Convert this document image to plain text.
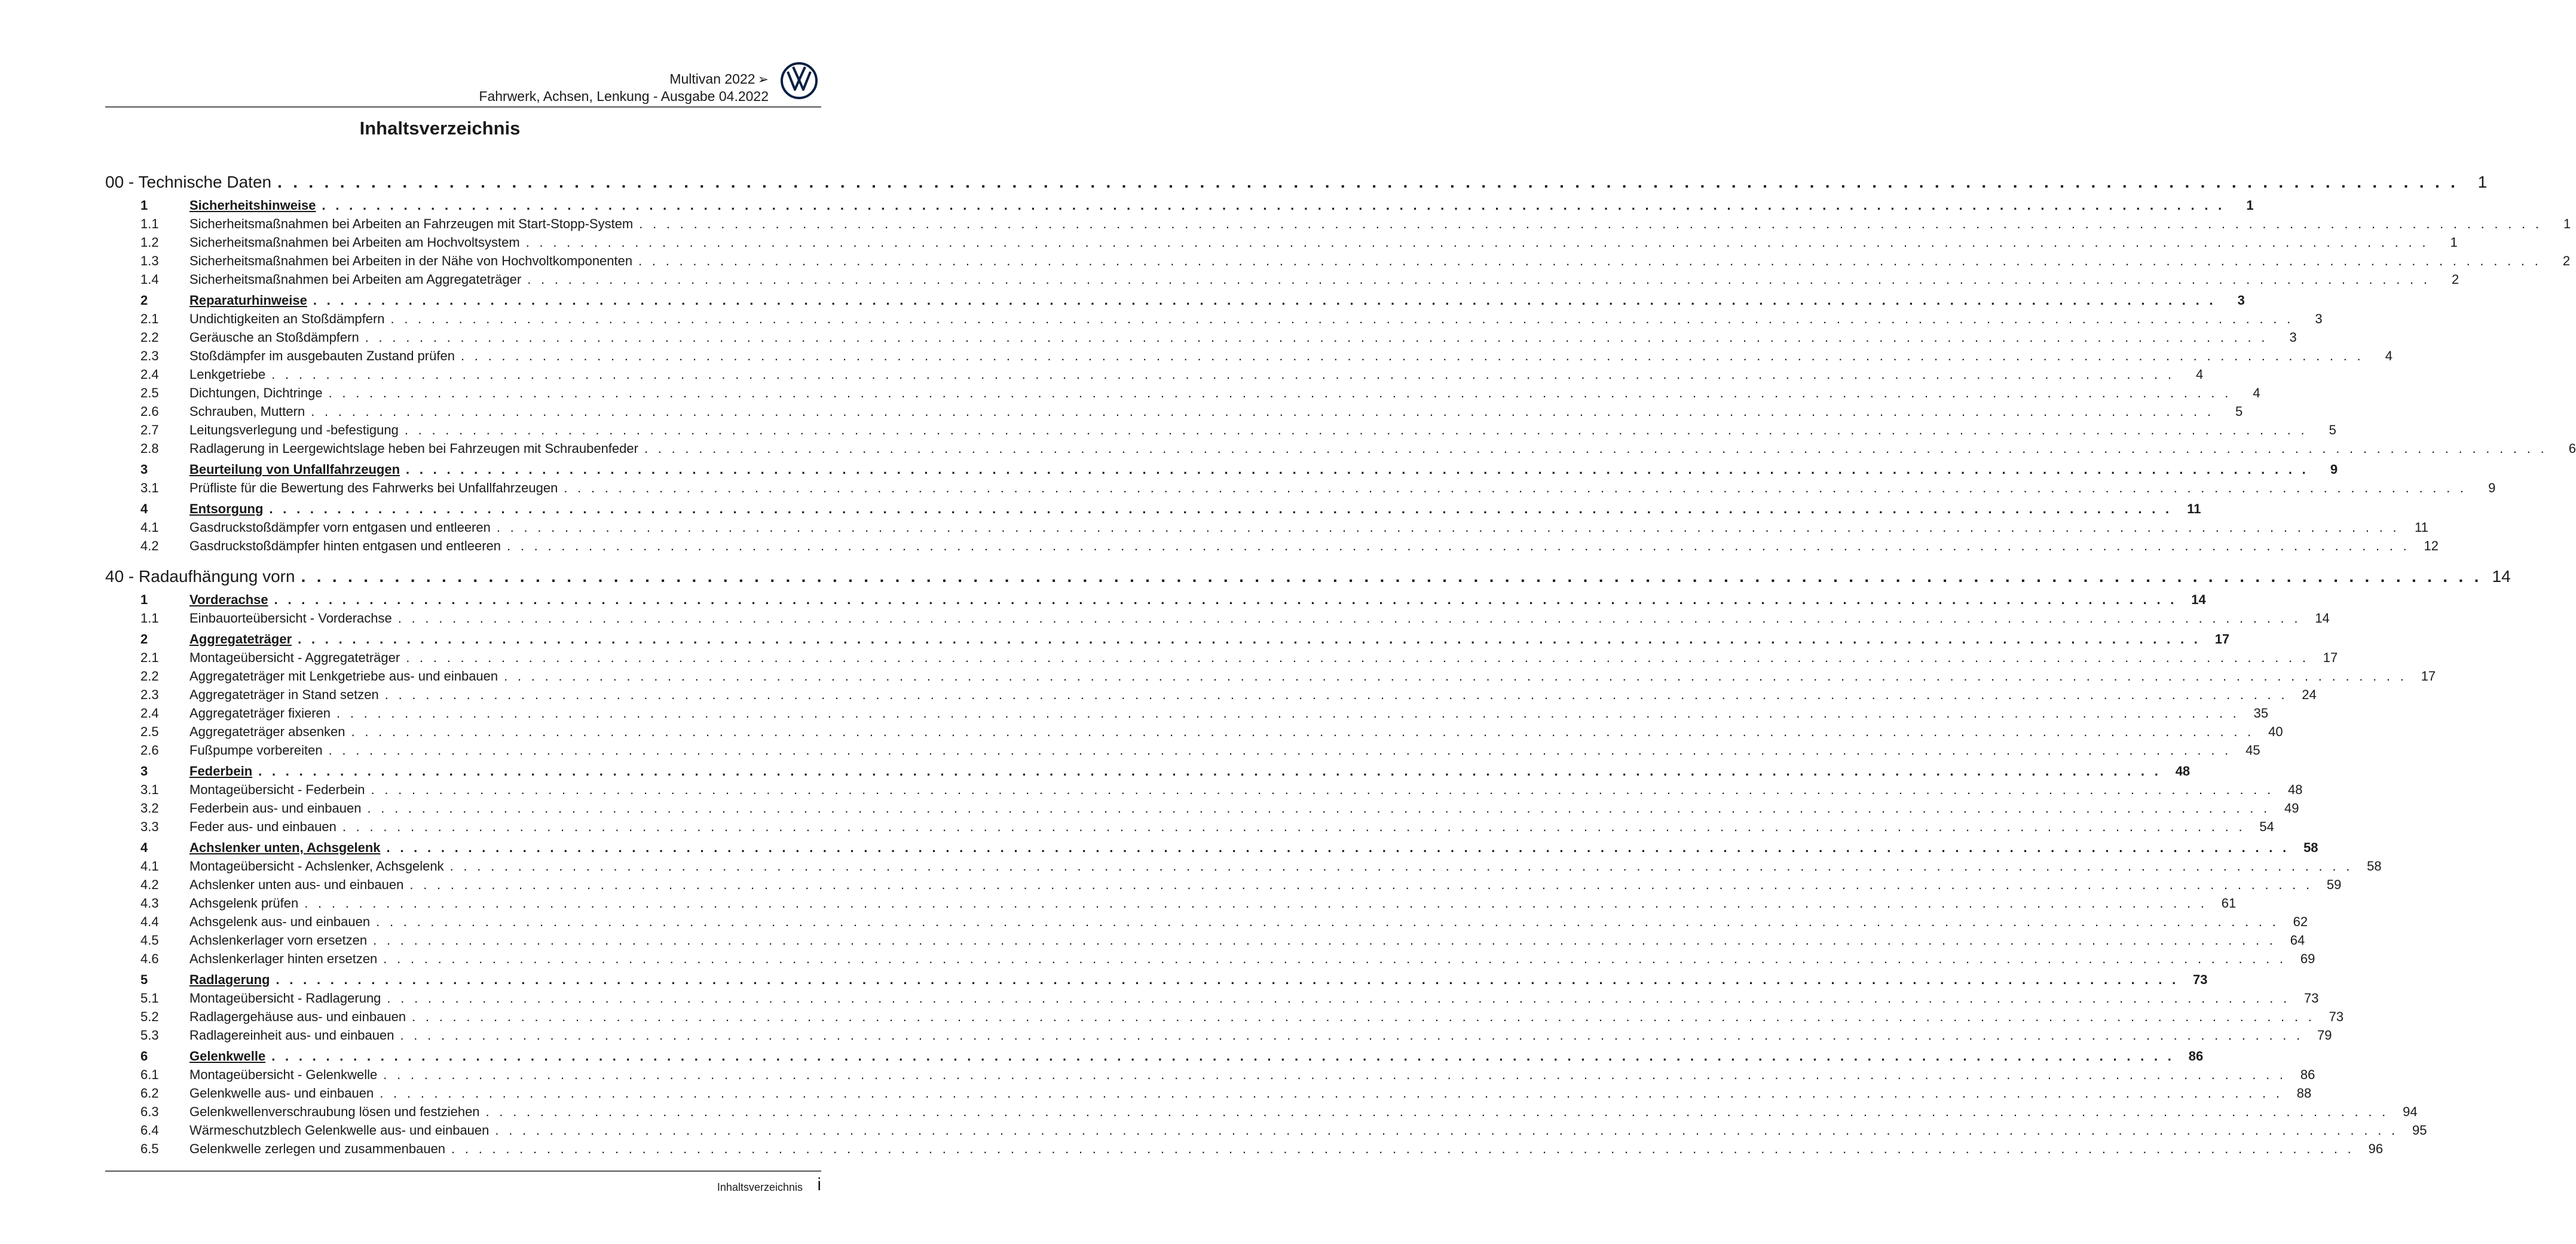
Multivan 2022 ➢
Fahrwerk, Achsen, Lenkung - Ausgabe 04.2022
Inhaltsverzeichnis
00 - Technische Daten . . . . . . . . . . . . . . . . . . . . . . . . . . . . . . . . . . . . . . . . . . . . . . . . . . . . . . . . . . . . . . . . . . . . . . . . . . . . . . . . . . . . . . . . . . . . . . . . . . . . . . . . . . . . . . . . . . . . . . . . . . . . . . . . . . . . . . . . . . . .	1
1	Sicherheitshinweise . . . . . . . . . . . . . . . . . . . . . . . . . . . . . . . . . . . . . . . . . . . . . . . . . . . . . . . . . . . . . . . . . . . . . . . . . . . . . . . . . . . . . . . . . . . . . . . . . . . . . . . . . . . . . . . . . . . . . . . . . . . . . . . . . . . . . . . . . . . .	1
1.1	Sicherheitsmaßnahmen bei Arbeiten an Fahrzeugen mit Start-Stopp-System . . . . . . . . . . . . . . . . . . . . . . . . . . . . . . . . . . . . . . . . . . . . . . . . . . . . . . . . . . . . . . . . . . . . . . . . . . . . . . . . . . . . . . . . . . . . . . . . . . . . . . . . . . . . . . . . . . . . . . . . . . . . . . . . . . . . . . . . . . . .	1
1.2	Sicherheitsmaßnahmen bei Arbeiten am Hochvoltsystem . . . . . . . . . . . . . . . . . . . . . . . . . . . . . . . . . . . . . . . . . . . . . . . . . . . . . . . . . . . . . . . . . . . . . . . . . . . . . . . . . . . . . . . . . . . . . . . . . . . . . . . . . . . . . . . . . . . . . . . . . . . . . . . . . . . . . . . . . . . .	1
1.3	Sicherheitsmaßnahmen bei Arbeiten in der Nähe von Hochvoltkomponenten . . . . . . . . . . . . . . . . . . . . . . . . . . . . . . . . . . . . . . . . . . . . . . . . . . . . . . . . . . . . . . . . . . . . . . . . . . . . . . . . . . . . . . . . . . . . . . . . . . . . . . . . . . . . . . . . . . . . . . . . . . . . . . . . . . . . . . . . . . . .	2
1.4	Sicherheitsmaßnahmen bei Arbeiten am Aggregateträger . . . . . . . . . . . . . . . . . . . . . . . . . . . . . . . . . . . . . . . . . . . . . . . . . . . . . . . . . . . . . . . . . . . . . . . . . . . . . . . . . . . . . . . . . . . . . . . . . . . . . . . . . . . . . . . . . . . . . . . . . . . . . . . . . . . . . . . . . . . .	2
2	Reparaturhinweise . . . . . . . . . . . . . . . . . . . . . . . . . . . . . . . . . . . . . . . . . . . . . . . . . . . . . . . . . . . . . . . . . . . . . . . . . . . . . . . . . . . . . . . . . . . . . . . . . . . . . . . . . . . . . . . . . . . . . . . . . . . . . . . . . . . . . . . . . . . .	3
2.1	Undichtigkeiten an Stoßdämpfern . . . . . . . . . . . . . . . . . . . . . . . . . . . . . . . . . . . . . . . . . . . . . . . . . . . . . . . . . . . . . . . . . . . . . . . . . . . . . . . . . . . . . . . . . . . . . . . . . . . . . . . . . . . . . . . . . . . . . . . . . . . . . . . . . . . . . . . . . . . .	3
2.2	Geräusche an Stoßdämpfern . . . . . . . . . . . . . . . . . . . . . . . . . . . . . . . . . . . . . . . . . . . . . . . . . . . . . . . . . . . . . . . . . . . . . . . . . . . . . . . . . . . . . . . . . . . . . . . . . . . . . . . . . . . . . . . . . . . . . . . . . . . . . . . . . . . . . . . . . . . .	3
2.3	Stoßdämpfer im ausgebauten Zustand prüfen . . . . . . . . . . . . . . . . . . . . . . . . . . . . . . . . . . . . . . . . . . . . . . . . . . . . . . . . . . . . . . . . . . . . . . . . . . . . . . . . . . . . . . . . . . . . . . . . . . . . . . . . . . . . . . . . . . . . . . . . . . . . . . . . . . . . . . . . . . . .	4
2.4	Lenkgetriebe . . . . . . . . . . . . . . . . . . . . . . . . . . . . . . . . . . . . . . . . . . . . . . . . . . . . . . . . . . . . . . . . . . . . . . . . . . . . . . . . . . . . . . . . . . . . . . . . . . . . . . . . . . . . . . . . . . . . . . . . . . . . . . . . . . . . . . . . . . . .	4
2.5	Dichtungen, Dichtringe . . . . . . . . . . . . . . . . . . . . . . . . . . . . . . . . . . . . . . . . . . . . . . . . . . . . . . . . . . . . . . . . . . . . . . . . . . . . . . . . . . . . . . . . . . . . . . . . . . . . . . . . . . . . . . . . . . . . . . . . . . . . . . . . . . . . . . . . . . . .	4
2.6	Schrauben, Muttern . . . . . . . . . . . . . . . . . . . . . . . . . . . . . . . . . . . . . . . . . . . . . . . . . . . . . . . . . . . . . . . . . . . . . . . . . . . . . . . . . . . . . . . . . . . . . . . . . . . . . . . . . . . . . . . . . . . . . . . . . . . . . . . . . . . . . . . . . . . .	5
2.7	Leitungsverlegung und -befestigung . . . . . . . . . . . . . . . . . . . . . . . . . . . . . . . . . . . . . . . . . . . . . . . . . . . . . . . . . . . . . . . . . . . . . . . . . . . . . . . . . . . . . . . . . . . . . . . . . . . . . . . . . . . . . . . . . . . . . . . . . . . . . . . . . . . . . . . . . . . .	5
2.8	Radlagerung in Leergewichtslage heben bei Fahrzeugen mit Schraubenfeder . . . . . . . . . . . . . . . . . . . . . . . . . . . . . . . . . . . . . . . . . . . . . . . . . . . . . . . . . . . . . . . . . . . . . . . . . . . . . . . . . . . . . . . . . . . . . . . . . . . . . . . . . . . . . . . . . . . . . . . . . . . . . . . . . . . . . . . . . . . .	6
3	Beurteilung von Unfallfahrzeugen . . . . . . . . . . . . . . . . . . . . . . . . . . . . . . . . . . . . . . . . . . . . . . . . . . . . . . . . . . . . . . . . . . . . . . . . . . . . . . . . . . . . . . . . . . . . . . . . . . . . . . . . . . . . . . . . . . . . . . . . . . . . . . . . . . . . . . . . . . . .	9
3.1	Prüfliste für die Bewertung des Fahrwerks bei Unfallfahrzeugen . . . . . . . . . . . . . . . . . . . . . . . . . . . . . . . . . . . . . . . . . . . . . . . . . . . . . . . . . . . . . . . . . . . . . . . . . . . . . . . . . . . . . . . . . . . . . . . . . . . . . . . . . . . . . . . . . . . . . . . . . . . . . . . . . . . . . . . . . . . .	9
4	Entsorgung . . . . . . . . . . . . . . . . . . . . . . . . . . . . . . . . . . . . . . . . . . . . . . . . . . . . . . . . . . . . . . . . . . . . . . . . . . . . . . . . . . . . . . . . . . . . . . . . . . . . . . . . . . . . . . . . . . . . . . . . . . . . . . . . . . . . . . . . . . . .	11
4.1	Gasdruckstoßdämpfer vorn entgasen und entleeren . . . . . . . . . . . . . . . . . . . . . . . . . . . . . . . . . . . . . . . . . . . . . . . . . . . . . . . . . . . . . . . . . . . . . . . . . . . . . . . . . . . . . . . . . . . . . . . . . . . . . . . . . . . . . . . . . . . . . . . . . . . . . . . . . . . . . . . . . . . .	11
4.2	Gasdruckstoßdämpfer hinten entgasen und entleeren . . . . . . . . . . . . . . . . . . . . . . . . . . . . . . . . . . . . . . . . . . . . . . . . . . . . . . . . . . . . . . . . . . . . . . . . . . . . . . . . . . . . . . . . . . . . . . . . . . . . . . . . . . . . . . . . . . . . . . . . . . . . . . . . . . . . . . . . . . . .	12
40 - Radaufhängung vorn . . . . . . . . . . . . . . . . . . . . . . . . . . . . . . . . . . . . . . . . . . . . . . . . . . . . . . . . . . . . . . . . . . . . . . . . . . . . . . . . . . . . . . . . . . . . . . . . . . . . . . . . . . . . . . . . . . . . . . . . . . . . . . . . . . . . . . . . . . . . 14
1	Vorderachse . . . . . . . . . . . . . . . . . . . . . . . . . . . . . . . . . . . . . . . . . . . . . . . . . . . . . . . . . . . . . . . . . . . . . . . . . . . . . . . . . . . . . . . . . . . . . . . . . . . . . . . . . . . . . . . . . . . . . . . . . . . . . . . . . . . . . . . . . . . .	14
1.1	Einbauorteübersicht - Vorderachse . . . . . . . . . . . . . . . . . . . . . . . . . . . . . . . . . . . . . . . . . . . . . . . . . . . . . . . . . . . . . . . . . . . . . . . . . . . . . . . . . . . . . . . . . . . . . . . . . . . . . . . . . . . . . . . . . . . . . . . . . . . . . . . . . . . . . . . . . . . .	14
2	Aggregateträger . . . . . . . . . . . . . . . . . . . . . . . . . . . . . . . . . . . . . . . . . . . . . . . . . . . . . . . . . . . . . . . . . . . . . . . . . . . . . . . . . . . . . . . . . . . . . . . . . . . . . . . . . . . . . . . . . . . . . . . . . . . . . . . . . . . . . . . . . . . .	17
2.1	Montageübersicht - Aggregateträger . . . . . . . . . . . . . . . . . . . . . . . . . . . . . . . . . . . . . . . . . . . . . . . . . . . . . . . . . . . . . . . . . . . . . . . . . . . . . . . . . . . . . . . . . . . . . . . . . . . . . . . . . . . . . . . . . . . . . . . . . . . . . . . . . . . . . . . . . . . .	17
2.2	Aggregateträger mit Lenkgetriebe aus- und einbauen . . . . . . . . . . . . . . . . . . . . . . . . . . . . . . . . . . . . . . . . . . . . . . . . . . . . . . . . . . . . . . . . . . . . . . . . . . . . . . . . . . . . . . . . . . . . . . . . . . . . . . . . . . . . . . . . . . . . . . . . . . . . . . . . . . . . . . . . . . . .	17
2.3	Aggregateträger in Stand setzen . . . . . . . . . . . . . . . . . . . . . . . . . . . . . . . . . . . . . . . . . . . . . . . . . . . . . . . . . . . . . . . . . . . . . . . . . . . . . . . . . . . . . . . . . . . . . . . . . . . . . . . . . . . . . . . . . . . . . . . . . . . . . . . . . . . . . . . . . . . .	24
2.4	Aggregateträger fixieren . . . . . . . . . . . . . . . . . . . . . . . . . . . . . . . . . . . . . . . . . . . . . . . . . . . . . . . . . . . . . . . . . . . . . . . . . . . . . . . . . . . . . . . . . . . . . . . . . . . . . . . . . . . . . . . . . . . . . . . . . . . . . . . . . . . . . . . . . . . .	35
2.5	Aggregateträger absenken . . . . . . . . . . . . . . . . . . . . . . . . . . . . . . . . . . . . . . . . . . . . . . . . . . . . . . . . . . . . . . . . . . . . . . . . . . . . . . . . . . . . . . . . . . . . . . . . . . . . . . . . . . . . . . . . . . . . . . . . . . . . . . . . . . . . . . . . . . . .	40
2.6	Fußpumpe vorbereiten . . . . . . . . . . . . . . . . . . . . . . . . . . . . . . . . . . . . . . . . . . . . . . . . . . . . . . . . . . . . . . . . . . . . . . . . . . . . . . . . . . . . . . . . . . . . . . . . . . . . . . . . . . . . . . . . . . . . . . . . . . . . . . . . . . . . . . . . . . . .	45
3	Federbein . . . . . . . . . . . . . . . . . . . . . . . . . . . . . . . . . . . . . . . . . . . . . . . . . . . . . . . . . . . . . . . . . . . . . . . . . . . . . . . . . . . . . . . . . . . . . . . . . . . . . . . . . . . . . . . . . . . . . . . . . . . . . . . . . . . . . . . . . . . .	48
3.1	Montageübersicht - Federbein . . . . . . . . . . . . . . . . . . . . . . . . . . . . . . . . . . . . . . . . . . . . . . . . . . . . . . . . . . . . . . . . . . . . . . . . . . . . . . . . . . . . . . . . . . . . . . . . . . . . . . . . . . . . . . . . . . . . . . . . . . . . . . . . . . . . . . . . . . . .	48
3.2	Federbein aus- und einbauen . . . . . . . . . . . . . . . . . . . . . . . . . . . . . . . . . . . . . . . . . . . . . . . . . . . . . . . . . . . . . . . . . . . . . . . . . . . . . . . . . . . . . . . . . . . . . . . . . . . . . . . . . . . . . . . . . . . . . . . . . . . . . . . . . . . . . . . . . . . .	49
3.3	Feder aus- und einbauen . . . . . . . . . . . . . . . . . . . . . . . . . . . . . . . . . . . . . . . . . . . . . . . . . . . . . . . . . . . . . . . . . . . . . . . . . . . . . . . . . . . . . . . . . . . . . . . . . . . . . . . . . . . . . . . . . . . . . . . . . . . . . . . . . . . . . . . . . . . .	54
4	Achslenker unten, Achsgelenk . . . . . . . . . . . . . . . . . . . . . . . . . . . . . . . . . . . . . . . . . . . . . . . . . . . . . . . . . . . . . . . . . . . . . . . . . . . . . . . . . . . . . . . . . . . . . . . . . . . . . . . . . . . . . . . . . . . . . . . . . . . . . . . . . . . . . . . . . . . .	58
4.1	Montageübersicht - Achslenker, Achsgelenk . . . . . . . . . . . . . . . . . . . . . . . . . . . . . . . . . . . . . . . . . . . . . . . . . . . . . . . . . . . . . . . . . . . . . . . . . . . . . . . . . . . . . . . . . . . . . . . . . . . . . . . . . . . . . . . . . . . . . . . . . . . . . . . . . . . . . . . . . . . .	58
4.2	Achslenker unten aus- und einbauen . . . . . . . . . . . . . . . . . . . . . . . . . . . . . . . . . . . . . . . . . . . . . . . . . . . . . . . . . . . . . . . . . . . . . . . . . . . . . . . . . . . . . . . . . . . . . . . . . . . . . . . . . . . . . . . . . . . . . . . . . . . . . . . . . . . . . . . . . . . .	59
4.3	Achsgelenk prüfen . . . . . . . . . . . . . . . . . . . . . . . . . . . . . . . . . . . . . . . . . . . . . . . . . . . . . . . . . . . . . . . . . . . . . . . . . . . . . . . . . . . . . . . . . . . . . . . . . . . . . . . . . . . . . . . . . . . . . . . . . . . . . . . . . . . . . . . . . . . .	61
4.4	Achsgelenk aus- und einbauen . . . . . . . . . . . . . . . . . . . . . . . . . . . . . . . . . . . . . . . . . . . . . . . . . . . . . . . . . . . . . . . . . . . . . . . . . . . . . . . . . . . . . . . . . . . . . . . . . . . . . . . . . . . . . . . . . . . . . . . . . . . . . . . . . . . . . . . . . . . .	62
4.5	Achslenkerlager vorn ersetzen . . . . . . . . . . . . . . . . . . . . . . . . . . . . . . . . . . . . . . . . . . . . . . . . . . . . . . . . . . . . . . . . . . . . . . . . . . . . . . . . . . . . . . . . . . . . . . . . . . . . . . . . . . . . . . . . . . . . . . . . . . . . . . . . . . . . . . . . . . . .	64
4.6	Achslenkerlager hinten ersetzen . . . . . . . . . . . . . . . . . . . . . . . . . . . . . . . . . . . . . . . . . . . . . . . . . . . . . . . . . . . . . . . . . . . . . . . . . . . . . . . . . . . . . . . . . . . . . . . . . . . . . . . . . . . . . . . . . . . . . . . . . . . . . . . . . . . . . . . . . . . .	69
5	Radlagerung . . . . . . . . . . . . . . . . . . . . . . . . . . . . . . . . . . . . . . . . . . . . . . . . . . . . . . . . . . . . . . . . . . . . . . . . . . . . . . . . . . . . . . . . . . . . . . . . . . . . . . . . . . . . . . . . . . . . . . . . . . . . . . . . . . . . . . . . . . . .	73
5.1	Montageübersicht - Radlagerung . . . . . . . . . . . . . . . . . . . . . . . . . . . . . . . . . . . . . . . . . . . . . . . . . . . . . . . . . . . . . . . . . . . . . . . . . . . . . . . . . . . . . . . . . . . . . . . . . . . . . . . . . . . . . . . . . . . . . . . . . . . . . . . . . . . . . . . . . . . .	73
5.2	Radlagergehäuse aus- und einbauen . . . . . . . . . . . . . . . . . . . . . . . . . . . . . . . . . . . . . . . . . . . . . . . . . . . . . . . . . . . . . . . . . . . . . . . . . . . . . . . . . . . . . . . . . . . . . . . . . . . . . . . . . . . . . . . . . . . . . . . . . . . . . . . . . . . . . . . . . . . .	73
5.3	Radlagereinheit aus- und einbauen . . . . . . . . . . . . . . . . . . . . . . . . . . . . . . . . . . . . . . . . . . . . . . . . . . . . . . . . . . . . . . . . . . . . . . . . . . . . . . . . . . . . . . . . . . . . . . . . . . . . . . . . . . . . . . . . . . . . . . . . . . . . . . . . . . . . . . . . . . . .	79
6	Gelenkwelle . . . . . . . . . . . . . . . . . . . . . . . . . . . . . . . . . . . . . . . . . . . . . . . . . . . . . . . . . . . . . . . . . . . . . . . . . . . . . . . . . . . . . . . . . . . . . . . . . . . . . . . . . . . . . . . . . . . . . . . . . . . . . . . . . . . . . . . . . . . .	86
6.1	Montageübersicht - Gelenkwelle . . . . . . . . . . . . . . . . . . . . . . . . . . . . . . . . . . . . . . . . . . . . . . . . . . . . . . . . . . . . . . . . . . . . . . . . . . . . . . . . . . . . . . . . . . . . . . . . . . . . . . . . . . . . . . . . . . . . . . . . . . . . . . . . . . . . . . . . . . . .	86
6.2	Gelenkwelle aus- und einbauen . . . . . . . . . . . . . . . . . . . . . . . . . . . . . . . . . . . . . . . . . . . . . . . . . . . . . . . . . . . . . . . . . . . . . . . . . . . . . . . . . . . . . . . . . . . . . . . . . . . . . . . . . . . . . . . . . . . . . . . . . . . . . . . . . . . . . . . . . . . .	88
6.3	Gelenkwellenverschraubung lösen und festziehen . . . . . . . . . . . . . . . . . . . . . . . . . . . . . . . . . . . . . . . . . . . . . . . . . . . . . . . . . . . . . . . . . . . . . . . . . . . . . . . . . . . . . . . . . . . . . . . . . . . . . . . . . . . . . . . . . . . . . . . . . . . . . . . . . . . . . . . . . . . .	94
6.4	Wärmeschutzblech Gelenkwelle aus- und einbauen . . . . . . . . . . . . . . . . . . . . . . . . . . . . . . . . . . . . . . . . . . . . . . . . . . . . . . . . . . . . . . . . . . . . . . . . . . . . . . . . . . . . . . . . . . . . . . . . . . . . . . . . . . . . . . . . . . . . . . . . . . . . . . . . . . . . . . . . . . . .	95
6.5	Gelenkwelle zerlegen und zusammenbauen . . . . . . . . . . . . . . . . . . . . . . . . . . . . . . . . . . . . . . . . . . . . . . . . . . . . . . . . . . . . . . . . . . . . . . . . . . . . . . . . . . . . . . . . . . . . . . . . . . . . . . . . . . . . . . . . . . . . . . . . . . . . . . . . . . . . . . . . . . . .	96
Inhaltsverzeichnis i
